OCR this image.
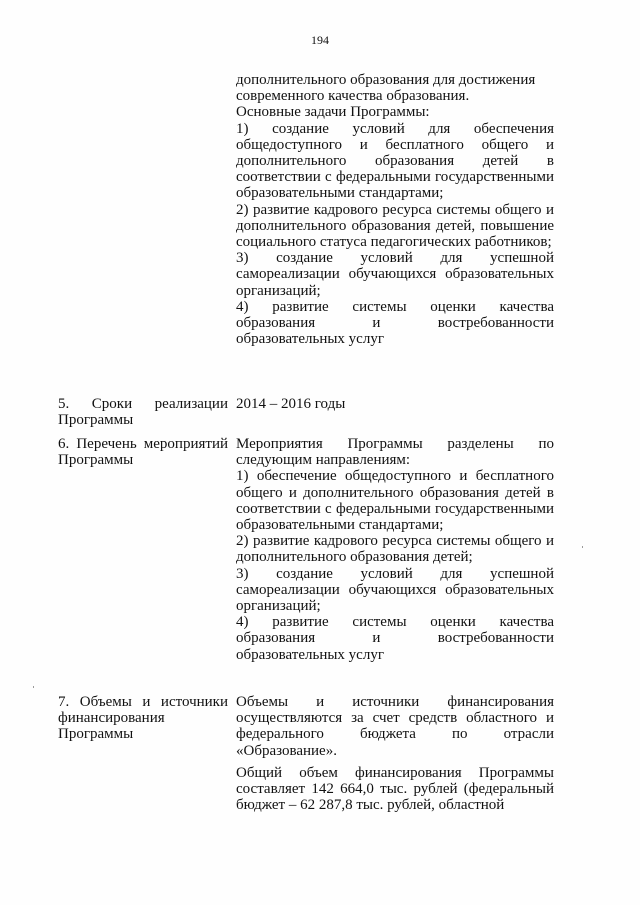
194
дополнительного образования для достижения
современного качества образования.
Основные задачи Программы:
1) создание условий для обеспечения общедоступного и бесплатного общего и дополнительного образования детей в соответствии с федеральными государственными образовательными стандартами;
2) развитие кадрового ресурса системы общего и дополнительного образования детей, повышение социального статуса педагогических работников;
3) создание условий для успешной самореализации обучающихся образовательных организаций;
4) развитие системы оценки качества образования и востребованности образовательных услуг
5. Сроки реализации Программы
2014 – 2016 годы
6. Перечень мероприятий Программы
Мероприятия Программы разделены по следующим направлениям:
1) обеспечение общедоступного и бесплатного общего и дополнительного образования детей в соответствии с федеральными государственными образовательными стандартами;
2) развитие кадрового ресурса системы общего и дополнительного образования детей;
3) создание условий для успешной самореализации обучающихся образовательных организаций;
4) развитие системы оценки качества образования и востребованности образовательных услуг
7. Объемы и источники финансирования Программы
Объемы и источники финансирования осуществляются за счет средств областного и федерального бюджета по отрасли «Образование».
Общий объем финансирования Программы составляет 142 664,0 тыс. рублей (федеральный бюджет – 62 287,8 тыс. рублей, областной
